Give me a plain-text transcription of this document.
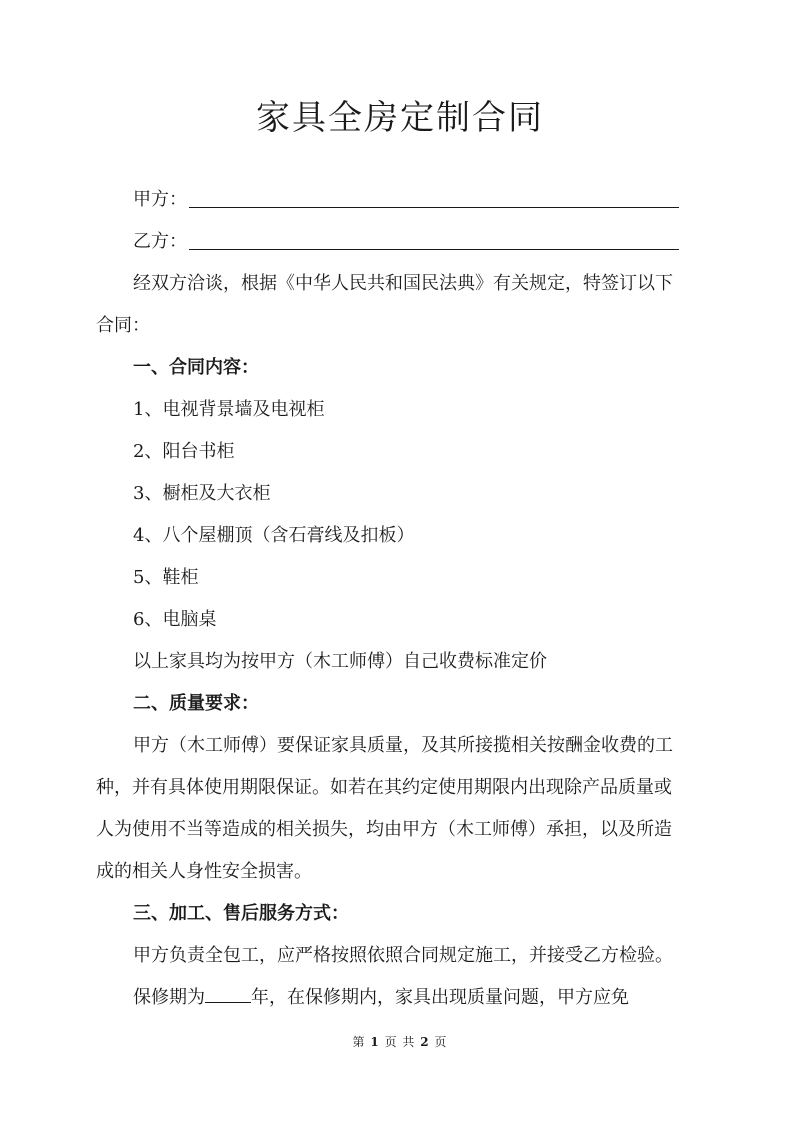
家具全房定制合同
甲方：
乙方：
经双方洽谈，根据《中华人民共和国民法典》有关规定，特签订以下
合同：
一、合同内容：
1、电视背景墙及电视柜
2、阳台书柜
3、橱柜及大衣柜
4、八个屋棚顶（含石膏线及扣板）
5、鞋柜
6、电脑桌
以上家具均为按甲方（木工师傅）自己收费标准定价
二、质量要求：
甲方（木工师傅）要保证家具质量，及其所接揽相关按酬金收费的工
种，并有具体使用期限保证。如若在其约定使用期限内出现除产品质量或
人为使用不当等造成的相关损失，均由甲方（木工师傅）承担，以及所造
成的相关人身性安全损害。
三、加工、售后服务方式：
甲方负责全包工，应严格按照依照合同规定施工，并接受乙方检验。
保修期为	年，在保修期内，家具出现质量问题，甲方应免
第 1 页 共 2 页
